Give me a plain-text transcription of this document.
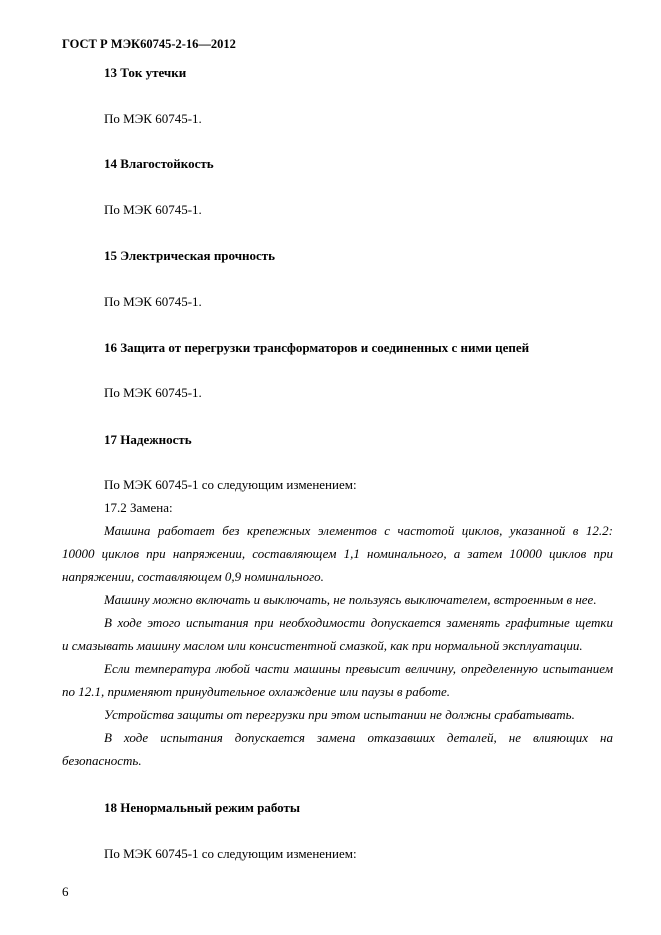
ГОСТ Р МЭК60745-2-16—2012
13 Ток утечки
По МЭК 60745-1.
14 Влагостойкость
По МЭК 60745-1.
15 Электрическая прочность
По МЭК 60745-1.
16 Защита от перегрузки трансформаторов и соединенных с ними цепей
По МЭК 60745-1.
17 Надежность
По МЭК 60745-1 со следующим изменением:
17.2 Замена:
Машина работает без крепежных элементов с частотой циклов, указанной в 12.2:
10000 циклов при напряжении, составляющем 1,1 номинального, а затем 10000 циклов при
напряжении, составляющем 0,9 номинального.
Машину можно включать и выключать, не пользуясь выключателем, встроенным в нее.
В ходе этого испытания при необходимости допускается заменять графитные щетки
и смазывать машину маслом или консистентной смазкой, как при нормальной эксплуатации.
Если температура любой части машины превысит величину, определенную испытанием
по 12.1, применяют принудительное охлаждение или паузы в работе.
Устройства защиты от перегрузки при этом испытании не должны срабатывать.
В ходе испытания допускается замена отказавших деталей, не влияющих на
безопасность.
18 Ненормальный режим работы
По МЭК 60745-1 со следующим изменением:
6
